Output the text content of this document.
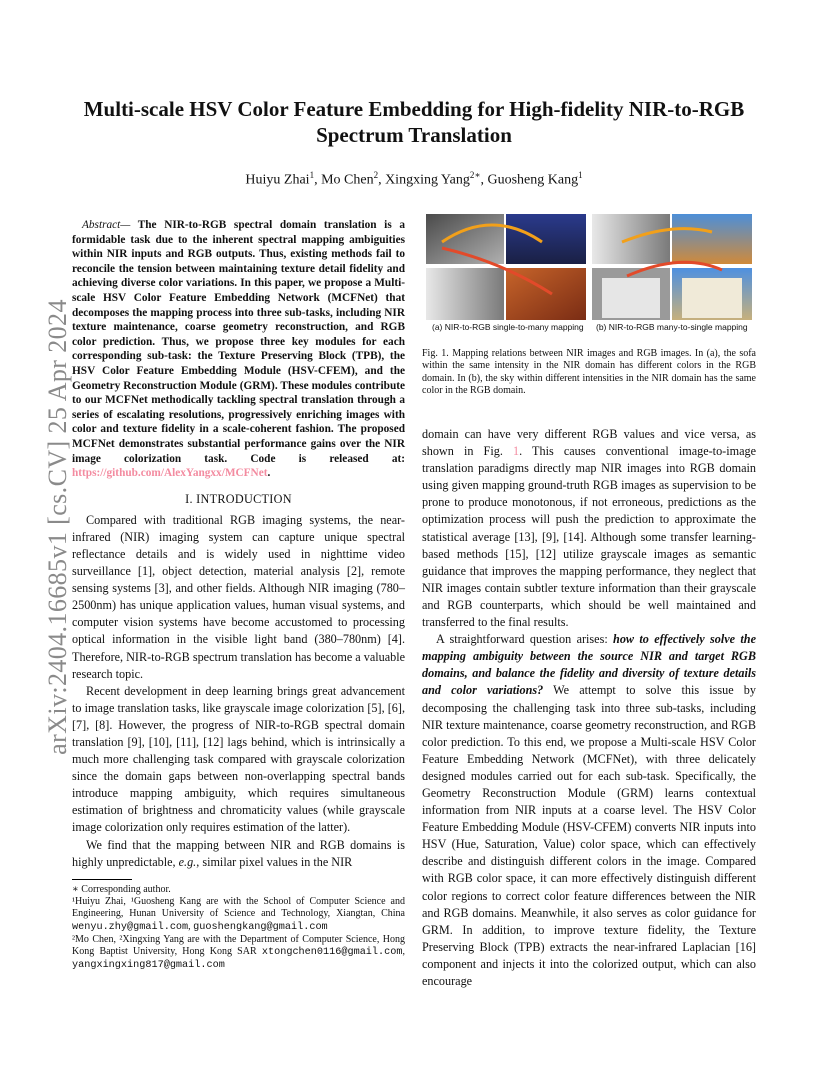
arXiv:2404.16685v1 [cs.CV] 25 Apr 2024
Multi-scale HSV Color Feature Embedding for High-fidelity NIR-to-RGB Spectrum Translation
Huiyu Zhai$^1$, Mo Chen$^2$, Xingxing Yang$^{2∗}$, Guosheng Kang$^1$

Abstract— The NIR-to-RGB spectral domain translation is a formidable task due to the inherent spectral mapping ambiguities within NIR inputs and RGB outputs. Thus, existing methods fail to reconcile the tension between maintaining texture detail fidelity and achieving diverse color variations. In this paper, we propose a Multi-scale HSV Color Feature Embedding Network (MCFNet) that decomposes the mapping process into three sub-tasks, including NIR texture maintenance, coarse geometry reconstruction, and RGB color prediction. Thus, we propose three key modules for each corresponding sub-task: the Texture Preserving Block (TPB), the HSV Color Feature Embedding Module (HSV-CFEM), and the Geometry Reconstruction Module (GRM). These modules contribute to our MCFNet methodically tackling spectral translation through a series of escalating resolutions, progressively enriching images with color and texture fidelity in a scale-coherent fashion. The proposed MCFNet demonstrates substantial performance gains over the NIR image colorization task. Code is released at: https://github.com/AlexYangxx/MCFNet.

I. INTRODUCTION

Compared with traditional RGB imaging systems, the near-infrared (NIR) imaging system can capture unique spectral reflectance details and is widely used in nighttime video surveillance [1], object detection, material analysis [2], remote sensing systems [3], and other fields. Although NIR imaging (780–2500nm) has unique application values, human visual systems, and computer vision systems have become accustomed to processing optical information in the visible light band (380–780nm) [4]. Therefore, NIR-to-RGB spectrum translation has become a valuable research topic.

Recent development in deep learning brings great advancement to image translation tasks, like grayscale image colorization [5], [6], [7], [8]. However, the progress of NIR-to-RGB spectral domain translation [9], [10], [11], [12] lags behind, which is intrinsically a much more challenging task compared with grayscale colorization since the domain gaps between non-overlapping spectral bands introduce mapping ambiguity, which requires simultaneous estimation of brightness and chromaticity values (while grayscale image colorization only requires estimation of the latter).

We find that the mapping between NIR and RGB domains is highly unpredictable, e.g., similar pixel values in the NIR

∗ Corresponding author.

¹Huiyu Zhai, ¹Guosheng Kang are with the School of Computer Science and Engineering, Hunan University of Science and Technology, Xiangtan, China wenyu.zhy@gmail.com, guoshengkang@gmail.com

²Mo Chen, ²Xingxing Yang are with the Department of Computer Science, Hong Kong Baptist University, Hong Kong SAR xtongchen0116@gmail.com, yangxingxing817@gmail.com

(a) NIR-to-RGB single-to-many mapping (b) NIR-to-RGB many-to-single mapping
Fig. 1. Mapping relations between NIR images and RGB images. In (a), the sofa within the same intensity in the NIR domain has different colors in the RGB domain. In (b), the sky within different intensities in the NIR domain has the same color in the RGB domain.

domain can have very different RGB values and vice versa, as shown in Fig. 1. This causes conventional image-to-image translation paradigms directly map NIR images into RGB domain using given mapping ground-truth RGB images as supervision to be prone to produce monotonous, if not erroneous, predictions as the optimization process will push the prediction to approximate the statistical average [13], [9], [14]. Although some transfer learning-based methods [15], [12] utilize grayscale images as semantic guidance that improves the mapping performance, they neglect that NIR images contain subtler texture information than their grayscale and RGB counterparts, which should be well maintained and transferred to the final results.

A straightforward question arises: how to effectively solve the mapping ambiguity between the source NIR and target RGB domains, and balance the fidelity and diversity of texture details and color variations? We attempt to solve this issue by decomposing the challenging task into three sub-tasks, including NIR texture maintenance, coarse geometry reconstruction, and RGB color prediction. To this end, we propose a Multi-scale HSV Color Feature Embedding Network (MCFNet), with three delicately designed modules carried out for each sub-task. Specifically, the Geometry Reconstruction Module (GRM) learns contextual information from NIR inputs at a coarse level. The HSV Color Feature Embedding Module (HSV-CFEM) converts NIR inputs into HSV (Hue, Saturation, Value) color space, which can effectively describe and distinguish different colors in the image. Compared with RGB color space, it can more effectively distinguish different color regions to correct color feature differences between the NIR and RGB domains. Meanwhile, it also serves as color guidance for GRM. In addition, to improve texture fidelity, the Texture Preserving Block (TPB) extracts the near-infrared Laplacian [16] component and injects it into the colorized output, which can also encourage
